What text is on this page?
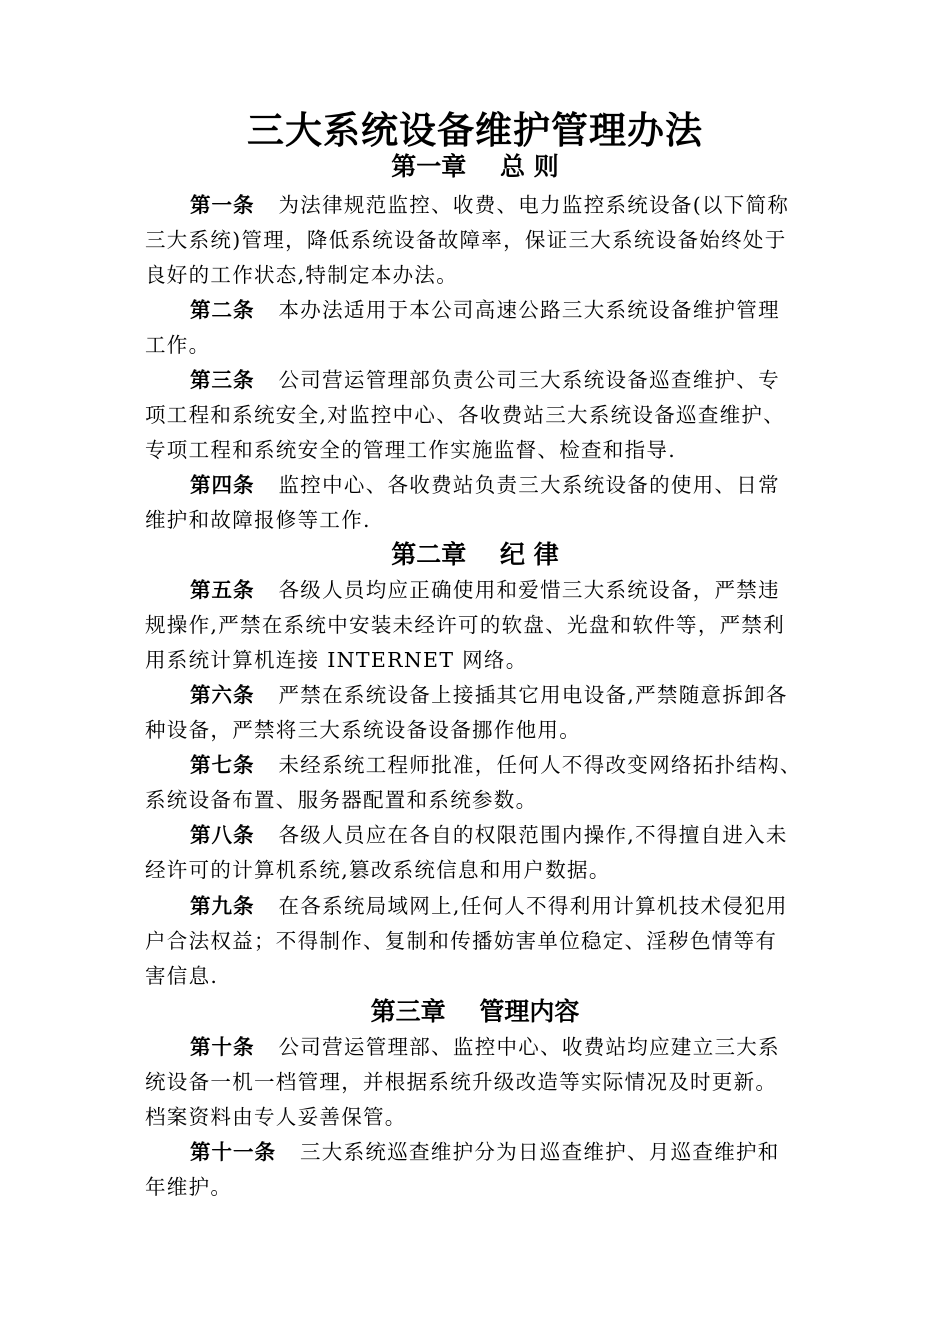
三大系统设备维护管理办法
第一章　 总 则
第一条 为法律规范监控、收费、电力监控系统设备(以下简称
三大系统)管理，降低系统设备故障率，保证三大系统设备始终处于
良好的工作状态,特制定本办法。
第二条 本办法适用于本公司高速公路三大系统设备维护管理
工作。
第三条 公司营运管理部负责公司三大系统设备巡查维护、专
项工程和系统安全,对监控中心、各收费站三大系统设备巡查维护、
专项工程和系统安全的管理工作实施监督、检查和指导.
第四条 监控中心、各收费站负责三大系统设备的使用、日常
维护和故障报修等工作.
第二章　 纪 律
第五条 各级人员均应正确使用和爱惜三大系统设备，严禁违
规操作,严禁在系统中安装未经许可的软盘、光盘和软件等，严禁利
用系统计算机连接 INTERNET 网络。
第六条 严禁在系统设备上接插其它用电设备,严禁随意拆卸各
种设备，严禁将三大系统设备设备挪作他用。
第七条 未经系统工程师批准，任何人不得改变网络拓扑结构、
系统设备布置、服务器配置和系统参数。
第八条 各级人员应在各自的权限范围内操作,不得擅自进入未
经许可的计算机系统,篡改系统信息和用户数据。
第九条 在各系统局域网上,任何人不得利用计算机技术侵犯用
户合法权益；不得制作、复制和传播妨害单位稳定、淫秽色情等有
害信息.
第三章　 管理内容
第十条 公司营运管理部、监控中心、收费站均应建立三大系
统设备一机一档管理，并根据系统升级改造等实际情况及时更新。
档案资料由专人妥善保管。
第十一条 三大系统巡查维护分为日巡查维护、月巡查维护和
年维护。
